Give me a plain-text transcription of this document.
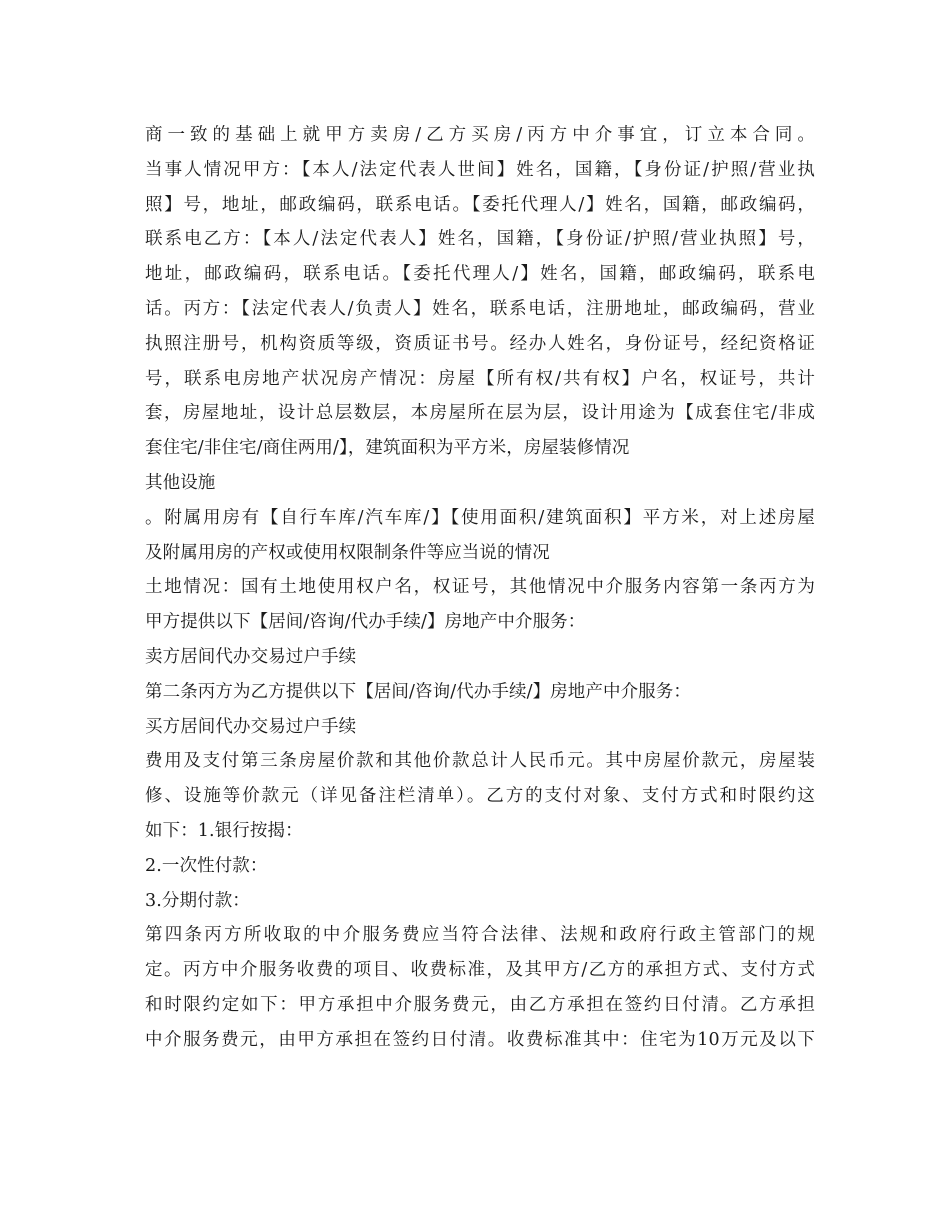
商一致的基础上就甲方卖房/乙方买房/丙方中介事宜，订立本合同。
当事人情况甲方：【本人/法定代表人世间】姓名，国籍，【身份证/护照/营业执
照】号，地址，邮政编码，联系电话。【委托代理人/】姓名，国籍，邮政编码，
联系电乙方：【本人/法定代表人】姓名，国籍，【身份证/护照/营业执照】号，
地址，邮政编码，联系电话。【委托代理人/】姓名，国籍，邮政编码，联系电
话。丙方：【法定代表人/负责人】姓名，联系电话，注册地址，邮政编码，营业
执照注册号，机构资质等级，资质证书号。经办人姓名，身份证号，经纪资格证
号，联系电房地产状况房产情况：房屋【所有权/共有权】户名，权证号，共计
套，房屋地址，设计总层数层，本房屋所在层为层，设计用途为【成套住宅/非成
套住宅/非住宅/商住两用/】，建筑面积为平方米，房屋装修情况
其他设施
。附属用房有【自行车库/汽车库/】【使用面积/建筑面积】平方米，对上述房屋
及附属用房的产权或使用权限制条件等应当说的情况
土地情况：国有土地使用权户名，权证号，其他情况中介服务内容第一条丙方为
甲方提供以下【居间/咨询/代办手续/】房地产中介服务：
卖方居间代办交易过户手续
第二条丙方为乙方提供以下【居间/咨询/代办手续/】房地产中介服务：
买方居间代办交易过户手续
费用及支付第三条房屋价款和其他价款总计人民币元。其中房屋价款元，房屋装
修、设施等价款元（详见备注栏清单）。乙方的支付对象、支付方式和时限约这
如下：1.银行按揭：
2.一次性付款：
3.分期付款：
第四条丙方所收取的中介服务费应当符合法律、法规和政府行政主管部门的规
定。丙方中介服务收费的项目、收费标准，及其甲方/乙方的承担方式、支付方式
和时限约定如下：甲方承担中介服务费元，由乙方承担在签约日付清。乙方承担
中介服务费元，由甲方承担在签约日付清。收费标准其中：住宅为10万元及以下
